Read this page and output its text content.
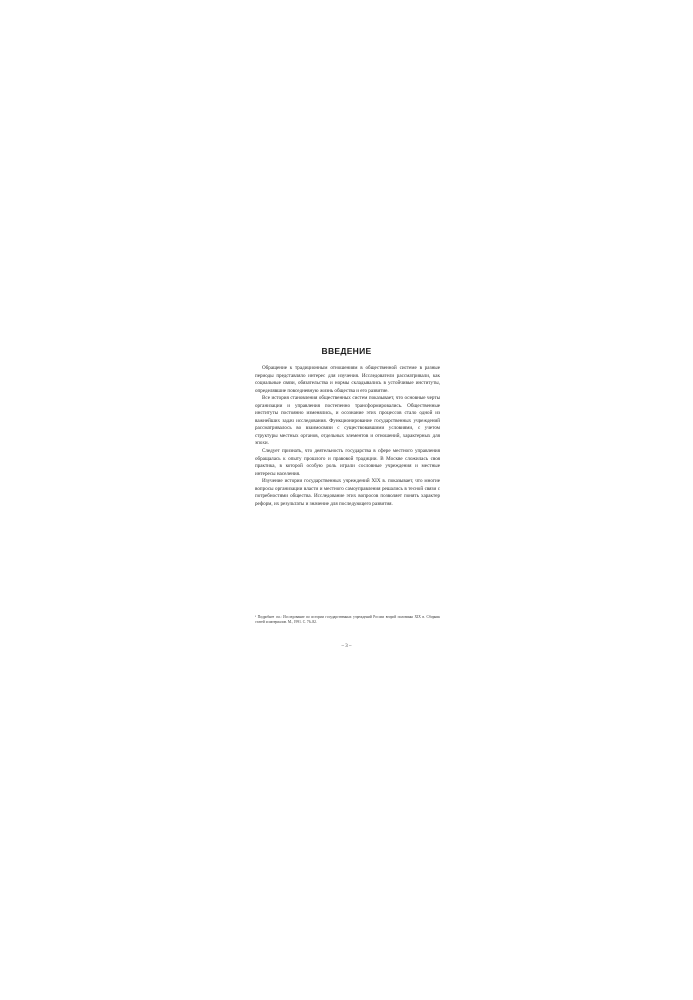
ВВЕДЕНИЕ

Обращение к традиционным отношениям в общественной системе в разные периоды представляло интерес для изучения. Исследователи рассматривали, как социальные связи, обязательства и нормы складывались в устойчивые институты, определявшие повседневную жизнь общества и его развитие.

Все история становления общественных систем показывает, что основные черты организации и управления постепенно трансформировались. Общественные институты постоянно изменялись, и осознание этих процессов стало одной из важнейших задач исследования. Функционирование государственных учреждений рассматривалось во взаимосвязи с существовавшими условиями, с учетом структуры местных органов, отдельных элементов и отношений, характерных для эпохи.

Следует признать, что деятельность государства в сфере местного управления обращалась к опыту прошлого и правовой традиции. В Москве сложилась своя практика, в которой особую роль играли сословные учреждения и местные интересы населения.

Изучение истории государственных учреждений XIX в. показывает, что многие вопросы организации власти и местного самоуправления решались в тесной связи с потребностями общества. Исследование этих вопросов позволяет понять характер реформ, их результаты и значение для последующего развития.

¹ Подробнее см.: Исследование по истории государственных учреждений России второй половины XIX в. Сборник статей и материалов. М., 1991. С. 76–82.

– 3 –
